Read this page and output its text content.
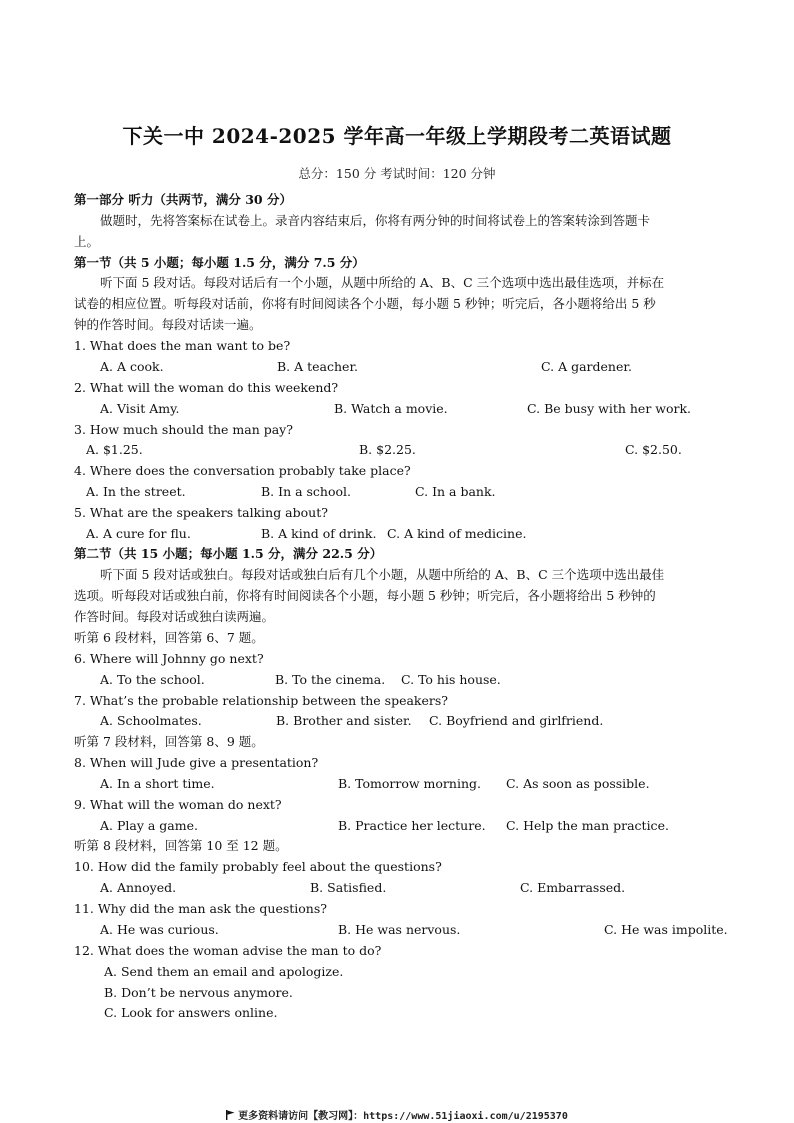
下关一中 2024-2025 学年高一年级上学期段考二英语试题
总分：150 分 考试时间：120 分钟
第一部分 听力（共两节，满分 30 分）
做题时，先将答案标在试卷上。录音内容结束后，你将有两分钟的时间将试卷上的答案转涂到答题卡
上。
第一节（共 5 小题；每小题 1.5 分，满分 7.5 分）
听下面 5 段对话。每段对话后有一个小题，从题中所给的 A、B、C 三个选项中选出最佳选项，并标在
试卷的相应位置。听每段对话前，你将有时间阅读各个小题，每小题 5 秒钟；听完后，各小题将给出 5 秒
钟的作答时间。每段对话读一遍。
1. What does the man want to be?
A. A cook.	B. A teacher.	C. A gardener.
2. What will the woman do this weekend?
A. Visit Amy.	B. Watch a movie.	C. Be busy with her work.
3. How much should the man pay?
A. $1.25.	B. $2.25.	C. $2.50.
4. Where does the conversation probably take place?
A. In the street.	B. In a school.	C. In a bank.
5. What are the speakers talking about?
A. A cure for flu.	B. A kind of drink. C. A kind of medicine.
第二节（共 15 小题；每小题 1.5 分，满分 22.5 分）
听下面 5 段对话或独白。每段对话或独白后有几个小题，从题中所给的 A、B、C 三个选项中选出最佳
选项。听每段对话或独白前，你将有时间阅读各个小题，每小题 5 秒钟；听完后，各小题将给出 5 秒钟的
作答时间。每段对话或独白读两遍。
听第 6 段材料，回答第 6、7 题。
6. Where will Johnny go next?
A. To the school.	B. To the cinema. C. To his house.
7. What’s the probable relationship between the speakers?
A. Schoolmates.	B. Brother and sister. C. Boyfriend and girlfriend.
听第 7 段材料，回答第 8、9 题。
8. When will Jude give a presentation?
A. In a short time.	B. Tomorrow morning. C. As soon as possible.
9. What will the woman do next?
A. Play a game.	B. Practice her lecture. C. Help the man practice.
听第 8 段材料，回答第 10 至 12 题。
10. How did the family probably feel about the questions?
A. Annoyed.	B. Satisfied.	C. Embarrassed.
11. Why did the man ask the questions?
A. He was curious.	B. He was nervous.	C. He was impolite.
12. What does the woman advise the man to do?
A. Send them an email and apologize.
B. Don’t be nervous anymore.
C. Look for answers online.
更多资料请访问【教习网】：https://www.51jiaoxi.com/u/2195370
